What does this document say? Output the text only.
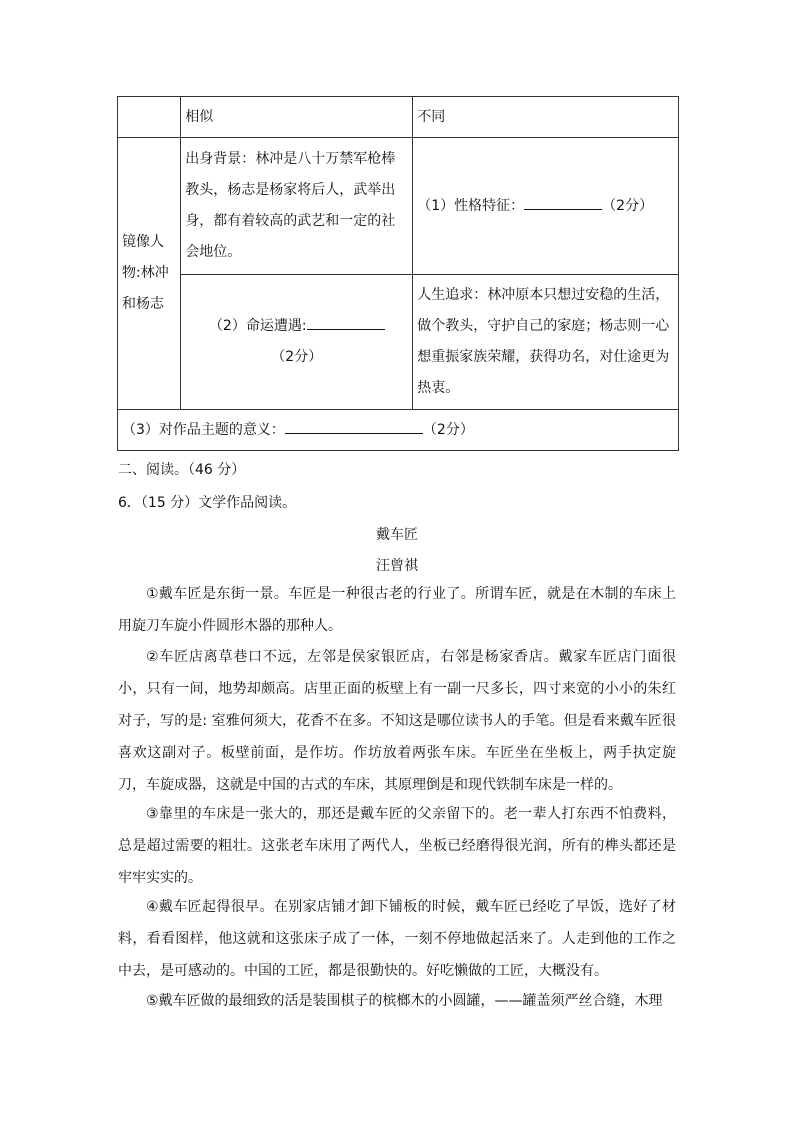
	相似	不同
镜像人物:林冲和杨志	出身背景：林冲是八十万禁军枪棒教头，杨志是杨家将后人，武举出身，都有着较高的武艺和一定的社会地位。	（1）性格特征： （2分）
	（2）命运遭遇:（2分）	人生追求：林冲原本只想过安稳的生活，做个教头，守护自己的家庭；杨志则一心想重振家族荣耀，获得功名，对仕途更为热衷。
（3）对作品主题的意义： （2分）		
二、阅读。（46 分）
6．（15 分）文学作品阅读。
戴车匠
汪曾祺
①戴车匠是东街一景。车匠是一种很古老的行业了。所谓车匠，就是在木制的车床上用旋刀车旋小件圆形木器的那种人。
②车匠店离草巷口不远，左邻是侯家银匠店，右邻是杨家香店。戴家车匠店门面很小，只有一间，地势却颇高。店里正面的板壁上有一副一尺多长，四寸来宽的小小的朱红对子，写的是: 室雅何须大，花香不在多。不知这是哪位读书人的手笔。但是看来戴车匠很喜欢这副对子。板壁前面，是作坊。作坊放着两张车床。车匠坐在坐板上，两手执定旋刀，车旋成器，这就是中国的古式的车床，其原理倒是和现代铁制车床是一样的。
③靠里的车床是一张大的，那还是戴车匠的父亲留下的。老一辈人打东西不怕费料，总是超过需要的粗壮。这张老车床用了两代人，坐板已经磨得很光润，所有的榫头都还是牢牢实实的。
④戴车匠起得很早。在别家店铺才卸下铺板的时候，戴车匠已经吃了早饭，选好了材料，看看图样，他这就和这张床子成了一体，一刻不停地做起活来了。人走到他的工作之中去，是可感动的。中国的工匠，都是很勤快的。好吃懒做的工匠，大概没有。
⑤戴车匠做的最细致的活是装围棋子的槟榔木的小圆罐，——罐盖须严丝合缝，木理
